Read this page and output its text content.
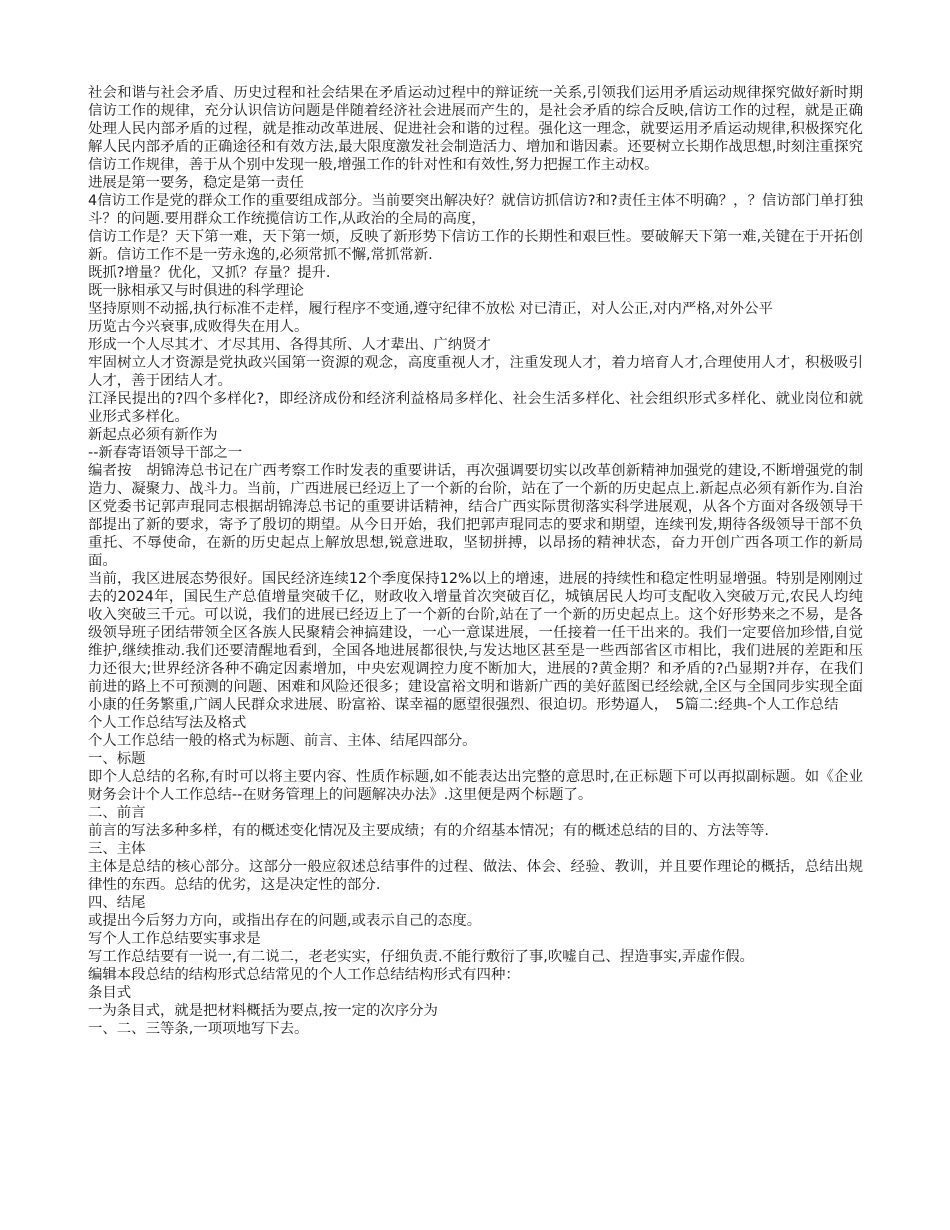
社会和谐与社会矛盾、历史过程和社会结果在矛盾运动过程中的辩证统一关系,引领我们运用矛盾运动规律探究做好新时期信访工作的规律，充分认识信访问题是伴随着经济社会进展而产生的，是社会矛盾的综合反映,信访工作的过程，就是正确处理人民内部矛盾的过程，就是推动改革进展、促进社会和谐的过程。强化这一理念，就要运用矛盾运动规律,积极探究化解人民内部矛盾的正确途径和有效方法,最大限度激发社会制造活力、增加和谐因素。还要树立长期作战思想,时刻注重探究信访工作规律，善于从个别中发现一般,增强工作的针对性和有效性,努力把握工作主动权。

进展是第一要务，稳定是第一责任

4信访工作是党的群众工作的重要组成部分。当前要突出解决好？就信访抓信访?和?责任主体不明确？，？信访部门单打独斗？的问题.要用群众工作统揽信访工作,从政治的全局的高度，

信访工作是？天下第一难，天下第一烦，反映了新形势下信访工作的长期性和艰巨性。要破解天下第一难,关键在于开拓创新。信访工作不是一劳永逸的,必须常抓不懈,常抓常新.

既抓?增量？优化，又抓？存量？提升.

既一脉相承又与时俱进的科学理论

坚持原则不动摇,执行标准不走样，履行程序不变通,遵守纪律不放松 对已清正，对人公正,对内严格,对外公平

历览古今兴衰事,成败得失在用人。

形成一个人尽其才、才尽其用、各得其所、人才辈出、广纳贤才

牢固树立人才资源是党执政兴国第一资源的观念，高度重视人才，注重发现人才，着力培育人才,合理使用人才，积极吸引人才，善于团结人才。

江泽民提出的?四个多样化?，即经济成份和经济利益格局多样化、社会生活多样化、社会组织形式多样化、就业岗位和就业形式多样化。

新起点必须有新作为

--新春寄语领导干部之一

编者按　胡锦涛总书记在广西考察工作时发表的重要讲话，再次强调要切实以改革创新精神加强党的建设,不断增强党的制造力、凝聚力、战斗力。当前，广西进展已经迈上了一个新的台阶，站在了一个新的历史起点上.新起点必须有新作为.自治区党委书记郭声琨同志根据胡锦涛总书记的重要讲话精神，结合广西实际贯彻落实科学进展观，从各个方面对各级领导干部提出了新的要求，寄予了殷切的期望。从今日开始，我们把郭声琨同志的要求和期望，连续刊发,期待各级领导干部不负重托、不辱使命，在新的历史起点上解放思想,锐意进取，坚韧拼搏，以昂扬的精神状态，奋力开创广西各项工作的新局面。

当前，我区进展态势很好。国民经济连续12个季度保持12%以上的增速，进展的持续性和稳定性明显增强。特别是刚刚过去的2024年，国民生产总值增量突破千亿，财政收入增量首次突破百亿，城镇居民人均可支配收入突破万元,农民人均纯收入突破三千元。可以说，我们的进展已经迈上了一个新的台阶,站在了一个新的历史起点上。这个好形势来之不易，是各级领导班子团结带领全区各族人民聚精会神搞建设，一心一意谋进展，一任接着一任干出来的。我们一定要倍加珍惜,自觉维护,继续推动.我们还要清醒地看到，全国各地进展都很快,与发达地区甚至是一些西部省区市相比，我们进展的差距和压力还很大;世界经济各种不确定因素增加，中央宏观调控力度不断加大，进展的?黄金期？和矛盾的?凸显期?并存，在我们前进的路上不可预测的问题、困难和风险还很多；建设富裕文明和谐新广西的美好蓝图已经绘就,全区与全国同步实现全面小康的任务繁重,广阔人民群众求进展、盼富裕、谋幸福的愿望很强烈、很迫切。形势逼人，　5篇二:经典-个人工作总结

个人工作总结写法及格式

个人工作总结一般的格式为标题、前言、主体、结尾四部分。

一、标题

即个人总结的名称,有时可以将主要内容、性质作标题,如不能表达出完整的意思时,在正标题下可以再拟副标题。如《企业财务会计个人工作总结--在财务管理上的问题解决办法》.这里便是两个标题了。

二、前言

前言的写法多种多样，有的概述变化情况及主要成绩；有的介绍基本情况；有的概述总结的目的、方法等等.

三、主体

主体是总结的核心部分。这部分一般应叙述总结事件的过程、做法、体会、经验、教训，并且要作理论的概括，总结出规律性的东西。总结的优劣，这是决定性的部分.

四、结尾

或提出今后努力方向，或指出存在的问题,或表示自己的态度。

写个人工作总结要实事求是

写工作总结要有一说一,有二说二，老老实实，仔细负责.不能行敷衍了事,吹嘘自己、捏造事实,弄虚作假。

编辑本段总结的结构形式总结常见的个人工作总结结构形式有四种：

条目式

一为条目式，就是把材料概括为要点,按一定的次序分为

一、二、三等条,一项项地写下去。
